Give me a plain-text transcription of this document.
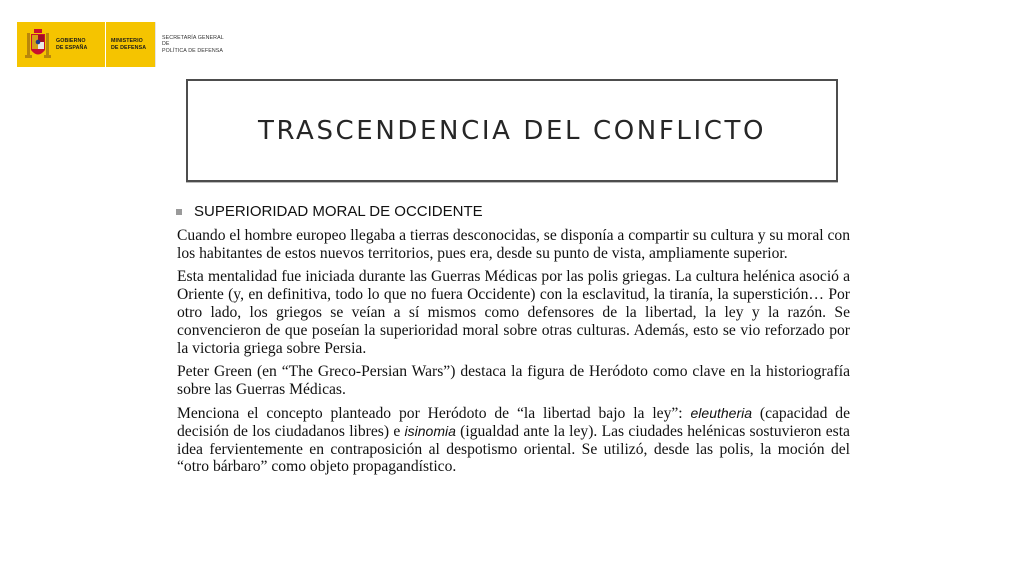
GOBIERNO
DE ESPAÑA
MINISTERIO
DE DEFENSA
SECRETARÍA GENERAL DE
POLÍTICA DE DEFENSA
TRASCENDENCIA DEL CONFLICTO
SUPERIORIDAD MORAL DE OCCIDENTE

Cuando el hombre europeo llegaba a tierras desconocidas, se disponía a compartir su cultura y su moral con los habitantes de estos nuevos territorios, pues era, desde su punto de vista, ampliamente superior.

Esta mentalidad fue iniciada durante las Guerras Médicas por las polis griegas. La cultura helénica asoció a Oriente (y, en definitiva, todo lo que no fuera Occidente) con la esclavitud, la tiranía, la superstición… Por otro lado, los griegos se veían a sí mismos como defensores de la libertad, la ley y la razón. Se convencieron de que poseían la superioridad moral sobre otras culturas. Además, esto se vio reforzado por la victoria griega sobre Persia.

Peter Green (en “The Greco-Persian Wars”) destaca la figura de Heródoto como clave en la historiografía sobre las Guerras Médicas.

Menciona el concepto planteado por Heródoto de “la libertad bajo la ley”: eleutheria (capacidad de decisión de los ciudadanos libres) e isinomia (igualdad ante la ley). Las ciudades helénicas sostuvieron esta idea fervientemente en contraposición al despotismo oriental. Se utilizó, desde las polis, la moción del “otro bárbaro” como objeto propagandístico.
